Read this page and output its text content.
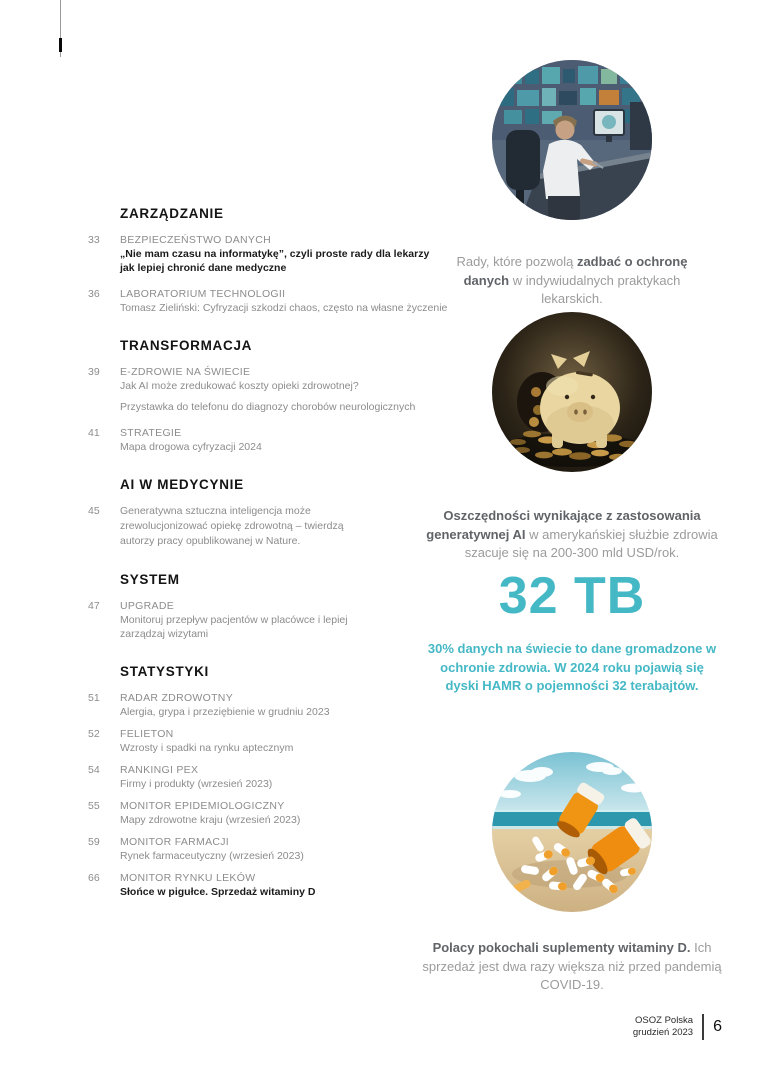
ZARZĄDZANIE
33	BEZPIECZEŃSTWO DANYCH
„Nie mam czasu na informatykę”, czyli proste rady dla lekarzy jak lepiej chronić dane medyczne
36	LABORATORIUM TECHNOLOGII
Tomasz Zieliński: Cyfryzacji szkodzi chaos, często na własne życzenie
TRANSFORMACJA
39	E-ZDROWIE NA ŚWIECIE
Jak AI może zredukować koszty opieki zdrowotnej?
Przystawka do telefonu do diagnozy chorobów neurologicznych
41	STRATEGIE
Mapa drogowa cyfryzacji 2024
AI W MEDYCYNIE
45	Generatywna sztuczna inteligencja może zrewolucjonizować opiekę zdrowotną – twierdzą autorzy pracy opublikowanej w Nature.
SYSTEM
47	UPGRADE
Monitoruj przepływ pacjentów w placówce i lepiej zarządzaj wizytami
STATYSTYKI
51	RADAR ZDROWOTNY
Alergia, grypa i przeziębienie w grudniu 2023
52	FELIETON
Wzrosty i spadki na rynku aptecznym
54	RANKINGI PEX
Firmy i produkty (wrzesień 2023)
55	MONITOR EPIDEMIOLOGICZNY
Mapy zdrowotne kraju (wrzesień 2023)
59	MONITOR FARMACJI
Rynek farmaceutyczny (wrzesień 2023)
66	MONITOR RYNKU LEKÓW
Słońce w pigułce. Sprzedaż witaminy D

Rady, które pozwolą zadbać o ochronę danych w indywiudalnych praktykach lekarskich.

Oszczędności wynikające z zastosowania generatywnej AI w amerykańskiej służbie zdrowia szacuje się na 200-300 mld USD/rok.

32 TB
30% danych na świecie to dane gromadzone w ochronie zdrowia. W 2024 roku pojawią się dyski HAMR o pojemności 32 terabajtów.

Polacy pokochali suplementy witaminy D. Ich sprzedaż jest dwa razy większa niż przed pandemią COVID-19.

OSOZ Polska
grudzień 2023 6
